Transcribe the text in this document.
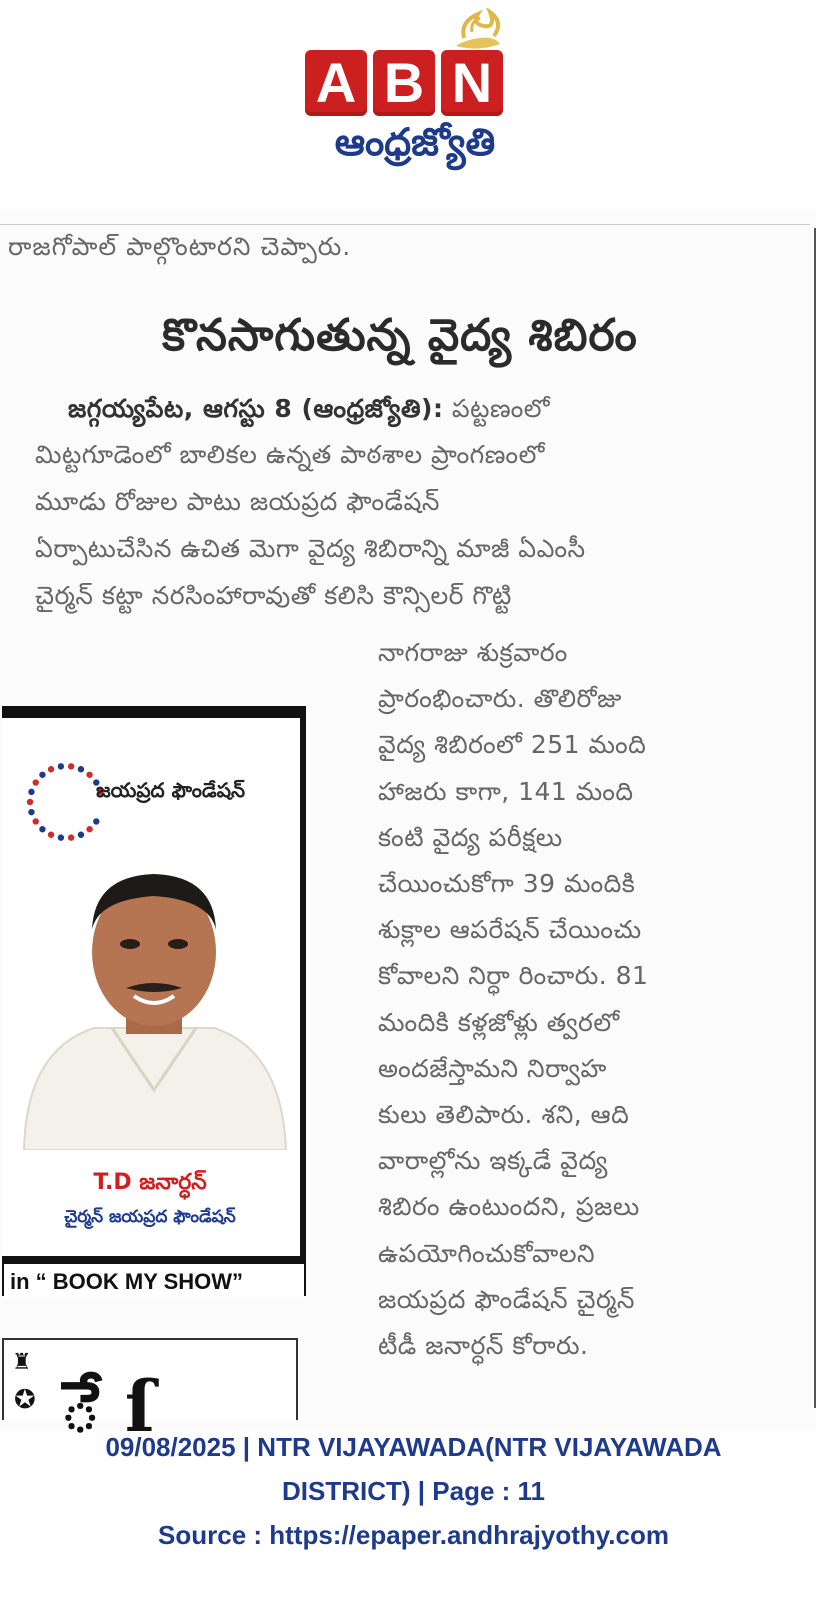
A B N
ఆంధ్రజ్యోతి
రాజగోపాల్ పాల్గొంటారని చెప్పారు.
కొనసాగుతున్న వైద్య శిబిరం
జగ్గయ్యపేట, ఆగస్టు 8 (ఆంధ్రజ్యోతి): పట్టణంలో
మిట్టగూడెంలో బాలికల ఉన్నత పాఠశాల ప్రాంగణంలో
మూడు రోజుల పాటు జయప్రద ఫౌండేషన్
ఏర్పాటుచేసిన ఉచిత మెగా వైద్య శిబిరాన్ని మాజీ ఏఎంసీ
చైర్మన్ కట్టా నరసింహారావుతో కలిసి కౌన్సిలర్ గొట్టి
నాగరాజు శుక్రవారం
ప్రారంభించారు. తొలిరోజు
వైద్య శిబిరంలో 251 మంది
హాజరు కాగా, 141 మంది
కంటి వైద్య పరీక్షలు
చేయించుకోగా 39 మందికి
శుక్లాల ఆపరేషన్ చేయించు
కోవాలని నిర్ధా రించారు. 81
మందికి కళ్లజోళ్లు త్వరలో
అందజేస్తామని నిర్వాహ
కులు తెలిపారు. శని, ఆది
వారాల్లోను ఇక్కడే వైద్య
శిబిరం ఉంటుందని, ప్రజలు
ఉపయోగించుకోవాలని
జయప్రద ఫౌండేషన్ చైర్మన్
టీడీ జనార్ధన్ కోరారు.
జయప్రద ఫౌండేషన్
T.D జనార్ధన్
చైర్మన్ జయప్రద ఫౌండేషన్
in “ BOOK MY SHOW”
♜
✪ ే ſ
09/08/2025 | NTR VIJAYAWADA(NTR VIJAYAWADA
DISTRICT) | Page : 11
Source : https://epaper.andhrajyothy.com
